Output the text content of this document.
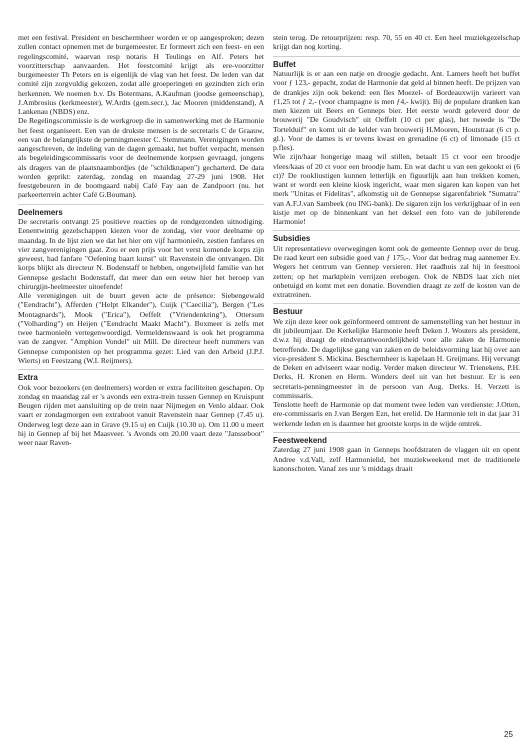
met een festival. President en beschermheer worden er op aangesproken; dezen zullen contact opnemen met de burgemeester. Er formeert zich een feest- en een regelingscomité, waarvan resp notaris H Teulings en Alf. Peters het voorzitterschap aanvaarden. Het feestcomité krijgt als ere-voorzitter burgemeester Th Peters en is eigenlijk de vlag van het feest. De leden van dat comité zijn zorgvuldig gekozen, zodat alle groeperingen en gezindten zich erin herkennen. We noemen b.v. Ds Botermans, A.Kaufman (joodse gemeenschap), J.Ambrosius (kerkmeester), W.Ardts (gem.secr.), Jac Mooren (middenstand), A Lankenau (NBDS) enz.

De Regelingscommissie is de werkgroep die in samenwerking met de Harmonie het feest organiseert. Een van de drukste mensen is de secretaris C de Graauw, een van de belangrijkste de penningmeester C. Stemmann. Verenigingen worden aangeschreven, de indeling van de dagen gemaakt, het buffet verpacht, mensen als begeleidingscommissaris voor de deelnemende korpsen gevraagd, jongens als dragers van de plaatsnaambordjes (de "schildknapen") gecharterd. De data worden geprikt: zaterdag, zondag en maandag 27-29 juni 1908. Het feestgebeuren in de boomgaard nabij Café Fay aan de Zandpoort (nu. het parkeerterrein achter Café G.Bouman).

Deelnemers

De secretaris ontvangt 25 positieve reacties op de rondgezonden uitnodiging. Eenentwintig gezelschappen kiezen voor de zondag, vier voor deelname op maandag. In de lijst zien we dat het hier om vijf harmonieën, zestien fanfares en vier zangverenigingen gaat. Zou er een prijs voor het verst komende korps zijn geweest, had fanfare "Oefening baart kunst" uit Ravenstein die ontvangen. Dit korps blijkt als directeur N. Bodenstaff te hebben, ongetwijfeld familie van het Gennepse geslacht Bodenstaff, dat meer dan een eeuw hier het beroep van chirurgijn-heelmeester uitoefende!

Alle verenigingen uit de buurt geven acte de présence: Siebengewald ("Eendracht"), Afferden ("Helpt Elkander"), Cuijk ("Caecilia"), Bergen ("Les Montagnards"), Mook ("Erica"), Oeffelt ("Vriendenkring"), Ottersum ("Volharding") en Heijen ("Eendracht Maakt Macht"). Boxmeer is zelfs met twee harmonieën vertegenwoordigd. Vermeldenswaard is ook het programma van de zangver. "Amphion Vondel" uit Mill. De directeur heeft nummers van Gennepse componisten op het programma gezet: Lied van den Arbeid (J.P.J. Wierts) en Feestzang (W.I. Reijmers).

Extra

Ook voor bezoekers (en deelnemers) worden er extra faciliteiten geschapen. Op zondag en maandag zal er 's avonds een extra-trein tussen Gennep en Kruispunt Beugen rijden met aansluiting op de trein naar Nijmegen en Venlo aldaar. Ook vaart er zondagmorgen een extraboot vanuit Ravenstein naar Gennep (7.45 u). Onderweg legt deze aan in Grave (9.15 u) en Cuijk (10.30 u). Om 11.00 u meert hij in Gennep af bij het Maasveer. 's Avonds om 20.00 vaart deze "Jansseboot" weer naar Raven-

stein terug. De retourprijzen: resp. 70, 55 en 40 ct. Een heel muziekgezelschap krijgt dan nog korting.

Buffet

Natuurlijk is er aan een natje en droogje gedacht. Ant. Lamers heeft het buffet voor ƒ 123,- gepacht, zodat de Harmonie dat geld al binnen heeft. De prijzen van de drankjes zijn ook bekend: een fles Moezel- of Bordeauxwijn varieert van ƒ1,25 tot ƒ 2,- (voor champagne is men ƒ4,- kwijt). Bij de populare dranken kan men kiezen uit Beers en Genneps bier. Het eerste wordt geleverd door de brouwerij "De Goudvisch" uit Oeffelt (10 ct per glas), het tweede is "De Tortelduif" en komt uit de kelder van brouwerij H.Mooren, Houtstraat (6 ct p. gl.). Voor de dames is er tevens kwast en grenadine (6 ct) of limonade (15 ct p.fles).

Wie zijn/haar hongerige maag wil stillen, betaalt 15 ct voor een broodje vlees/kaas of 20 ct voor een broodje ham. En wat dacht u van een gekookt ei (6 ct)? De rookliustigen kunnen letterlijk en figuurlijk aan hun trekken komen, want er wordt een kleine kiosk ingericht, waar men sigaren kan kopen van het merk "Unitas et Fidelitas", afkomstig uit de Gennepse sigarenfabriek "Sumatra" van A.F.J.van Sambeek (nu ING-bank). De sigaren zijn los verkrijgbaar of in een kistje met op de binnenkant van het deksel een foto van de jubilerende Harmonie!

Subsidies

Uit representatieve overwegingen komt ook de gemeente Gennep over de brug. De raad keurt een subsidie goed van ƒ 175,-. Voor dat bedrag mag aannemer Ev. Wegers het centrum van Gennep versieren. Het raadhuis zal hij in feesttooi zetten; op het marktplein verrijzen erebogen. Ook de NBDS laat zich niet onbetuigd en komt met een donatie. Bovendien draagt ze zelf de kosten van de extratreinen.

Bestuur

We zijn deze keer ook geïnformeerd omtrent de samenstelling van het bestuur in dit jubileumjaar. De Kerkelijke Harmonie heeft Deken J. Wouters als president, d.w.z hij draagt de eindverantwoordelijkheid voor alle zaken de Harmonie betreffende. De dagelijkse gang van zaken en de beleidsvorming laat hij over aan vice-president S. Mickina. Beschermheer is kapelaan H. Greijmans. Hij vervangt de Deken en adviseert waar nodig. Verder maken directeur W. Trienekens, P.H. Derks, H. Kronen en Herm. Wonders deel uit van het bestuur. Er is een secretaris-penningmeester in de persoon van Aug. Derks. H. Verzett is commissaris.

Tenslotte heeft de Harmonie op dat moment twee leden van verdienste: J.Otten, ere-commissaris en J.van Bergen Ezn, het erelid. De Harmonie telt in dat jaar 31 werkende leden en is daarmee het grootste korps in de wijde omtrek.

Feestweekend

Zaterdag 27 juni 1908 gaan in Genneps hoofdstraten de vlaggen uit en opent Andree v.d.Vall, zelf Harmonielid, het muziekweekend met de traditionele kanonschoten. Vanaf zes uur 's middags draait

25
